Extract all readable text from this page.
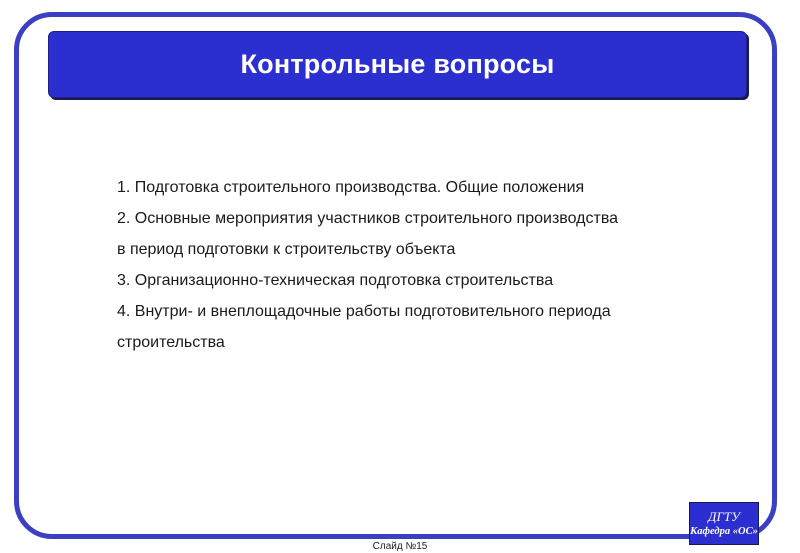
Контрольные вопросы
1. Подготовка строительного производства. Общие положения
2. Основные мероприятия участников строительного производства
в период подготовки к строительству объекта
3. Организационно-техническая подготовка строительства
4. Внутри- и внеплощадочные работы подготовительного периода
строительства
ДГТУ
Кафедра «ОС»
Слайд №15
